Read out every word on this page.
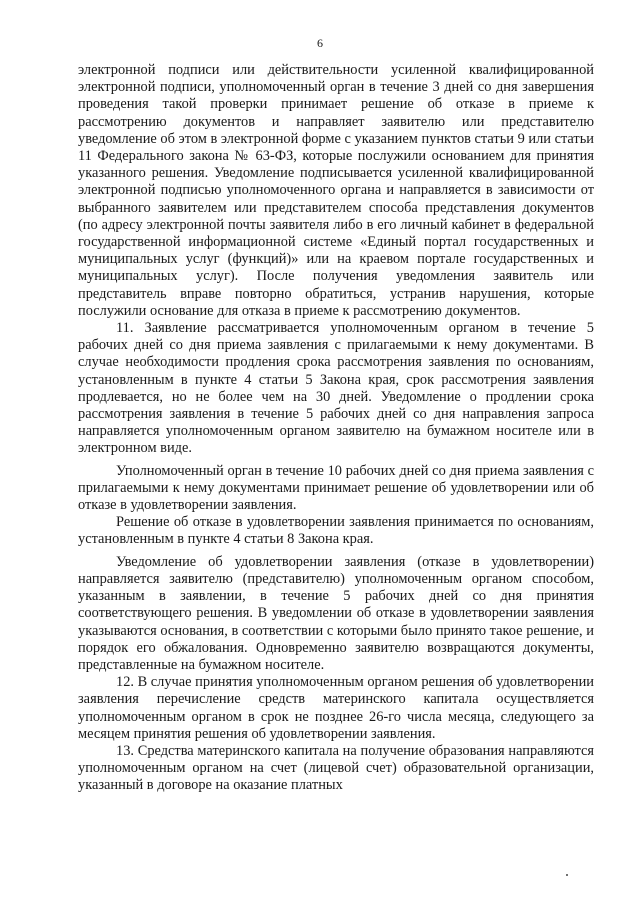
6

электронной подписи или действительности усиленной квалифицированной электронной подписи, уполномоченный орган в течение 3 дней со дня завершения проведения такой проверки принимает решение об отказе в приеме к рассмотрению документов и направляет заявителю или представителю уведомление об этом в электронной форме с указанием пунктов статьи 9 или статьи 11 Федерального закона № 63-ФЗ, которые послужили основанием для принятия указанного решения. Уведомление подписывается усиленной квалифицированной электронной подписью уполномоченного органа и направляется в зависимости от выбранного заявителем или представителем способа представления документов (по адресу электронной почты заявителя либо в его личный кабинет в федеральной государственной информационной системе «Единый портал государственных и муниципальных услуг (функций)» или на краевом портале государственных и муниципальных услуг). После получения уведомления заявитель или представитель вправе повторно обратиться, устранив нарушения, которые послужили основание для отказа в приеме к рассмотрению документов.

11. Заявление рассматривается уполномоченным органом в течение 5 рабочих дней со дня приема заявления с прилагаемыми к нему документами. В случае необходимости продления срока рассмотрения заявления по основаниям, установленным в пункте 4 статьи 5 Закона края, срок рассмотрения заявления продлевается, но не более чем на 30 дней. Уведомление о продлении срока рассмотрения заявления в течение 5 рабочих дней со дня направления запроса направляется уполномоченным органом заявителю на бумажном носителе или в электронном виде.

Уполномоченный орган в течение 10 рабочих дней со дня приема заявления с прилагаемыми к нему документами принимает решение об удовлетворении или об отказе в удовлетворении заявления.

Решение об отказе в удовлетворении заявления принимается по основаниям, установленным в пункте 4 статьи 8 Закона края.

Уведомление об удовлетворении заявления (отказе в удовлетворении) направляется заявителю (представителю) уполномоченным органом способом, указанным в заявлении, в течение 5 рабочих дней со дня принятия соответствующего решения. В уведомлении об отказе в удовлетворении заявления указываются основания, в соответствии с которыми было принято такое решение, и порядок его обжалования. Одновременно заявителю возвращаются документы, представленные на бумажном носителе.

12. В случае принятия уполномоченным органом решения об удовлетворении заявления перечисление средств материнского капитала осуществляется уполномоченным органом в срок не позднее 26-го числа месяца, следующего за месяцем принятия решения об удовлетворении заявления.

13. Средства материнского капитала на получение образования направляются уполномоченным органом на счет (лицевой счет) образовательной организации, указанный в договоре на оказание платных
